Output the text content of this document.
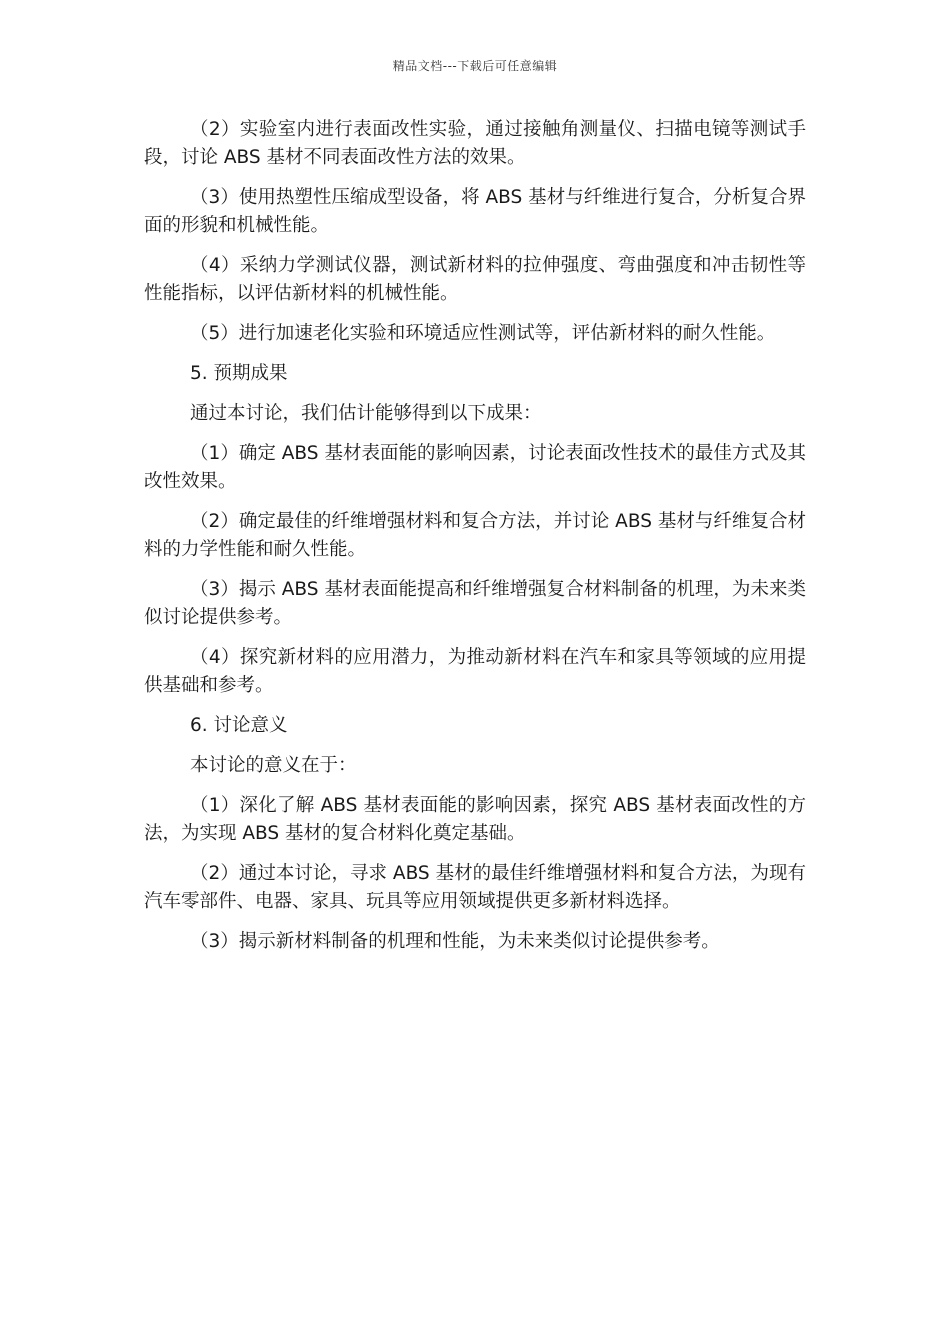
精品文档---下载后可任意编辑

（2）实验室内进行表面改性实验，通过接触角测量仪、扫描电镜等测试手段，讨论 ABS 基材不同表面改性方法的效果。

（3）使用热塑性压缩成型设备，将 ABS 基材与纤维进行复合，分析复合界面的形貌和机械性能。

（4）采纳力学测试仪器，测试新材料的拉伸强度、弯曲强度和冲击韧性等性能指标，以评估新材料的机械性能。

（5）进行加速老化实验和环境适应性测试等，评估新材料的耐久性能。

5. 预期成果

通过本讨论，我们估计能够得到以下成果：

（1）确定 ABS 基材表面能的影响因素，讨论表面改性技术的最佳方式及其改性效果。

（2）确定最佳的纤维增强材料和复合方法，并讨论 ABS 基材与纤维复合材料的力学性能和耐久性能。

（3）揭示 ABS 基材表面能提高和纤维增强复合材料制备的机理，为未来类似讨论提供参考。

（4）探究新材料的应用潜力，为推动新材料在汽车和家具等领域的应用提供基础和参考。

6. 讨论意义

本讨论的意义在于：

（1）深化了解 ABS 基材表面能的影响因素，探究 ABS 基材表面改性的方法，为实现 ABS 基材的复合材料化奠定基础。

（2）通过本讨论，寻求 ABS 基材的最佳纤维增强材料和复合方法，为现有汽车零部件、电器、家具、玩具等应用领域提供更多新材料选择。

（3）揭示新材料制备的机理和性能，为未来类似讨论提供参考。
